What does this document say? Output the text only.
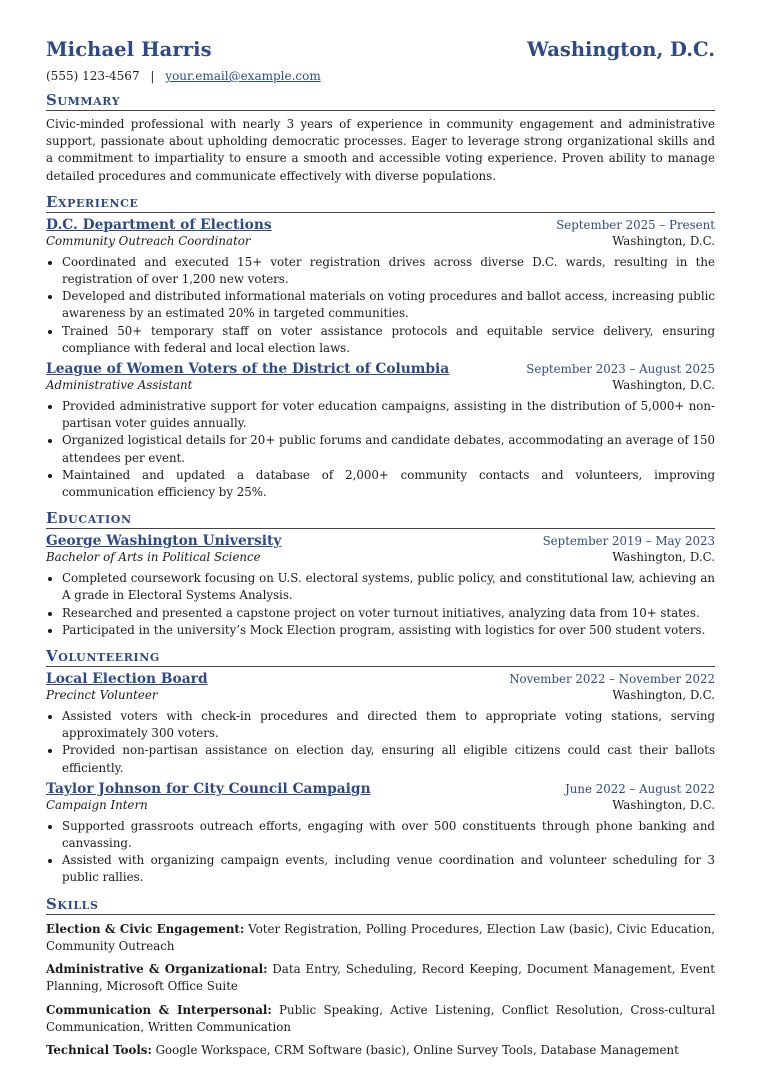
Michael Harris	Washington, D.C.
(555) 123-4567 | your.email@example.com
Summary
Civic-minded professional with nearly 3 years of experience in community engagement and administrative support, passionate about upholding democratic processes. Eager to leverage strong organizational skills and a commitment to impartiality to ensure a smooth and accessible voting experience. Proven ability to manage detailed procedures and communicate effectively with diverse populations.
Experience
D.C. Department of Elections	September 2025 – Present
Community Outreach Coordinator	Washington, D.C.
• Coordinated and executed 15+ voter registration drives across diverse D.C. wards, resulting in the registration of over 1,200 new voters.
• Developed and distributed informational materials on voting procedures and ballot access, increasing public awareness by an estimated 20% in targeted communities.
• Trained 50+ temporary staff on voter assistance protocols and equitable service delivery, ensuring compliance with federal and local election laws.
League of Women Voters of the District of Columbia	September 2023 – August 2025
Administrative Assistant	Washington, D.C.
• Provided administrative support for voter education campaigns, assisting in the distribution of 5,000+ non-partisan voter guides annually.
• Organized logistical details for 20+ public forums and candidate debates, accommodating an average of 150 attendees per event.
• Maintained and updated a database of 2,000+ community contacts and volunteers, improving communication efficiency by 25%.
Education
George Washington University	September 2019 – May 2023
Bachelor of Arts in Political Science	Washington, D.C.
• Completed coursework focusing on U.S. electoral systems, public policy, and constitutional law, achieving an A grade in Electoral Systems Analysis.
• Researched and presented a capstone project on voter turnout initiatives, analyzing data from 10+ states.
• Participated in the university’s Mock Election program, assisting with logistics for over 500 student voters.
Volunteering
Local Election Board	November 2022 – November 2022
Precinct Volunteer	Washington, D.C.
• Assisted voters with check-in procedures and directed them to appropriate voting stations, serving approximately 300 voters.
• Provided non-partisan assistance on election day, ensuring all eligible citizens could cast their ballots efficiently.
Taylor Johnson for City Council Campaign	June 2022 – August 2022
Campaign Intern	Washington, D.C.
• Supported grassroots outreach efforts, engaging with over 500 constituents through phone banking and canvassing.
• Assisted with organizing campaign events, including venue coordination and volunteer scheduling for 3 public rallies.
Skills
Election & Civic Engagement: Voter Registration, Polling Procedures, Election Law (basic), Civic Education, Community Outreach
Administrative & Organizational: Data Entry, Scheduling, Record Keeping, Document Management, Event Planning, Microsoft Office Suite
Communication & Interpersonal: Public Speaking, Active Listening, Conflict Resolution, Cross-cultural Communication, Written Communication
Technical Tools: Google Workspace, CRM Software (basic), Online Survey Tools, Database Management
